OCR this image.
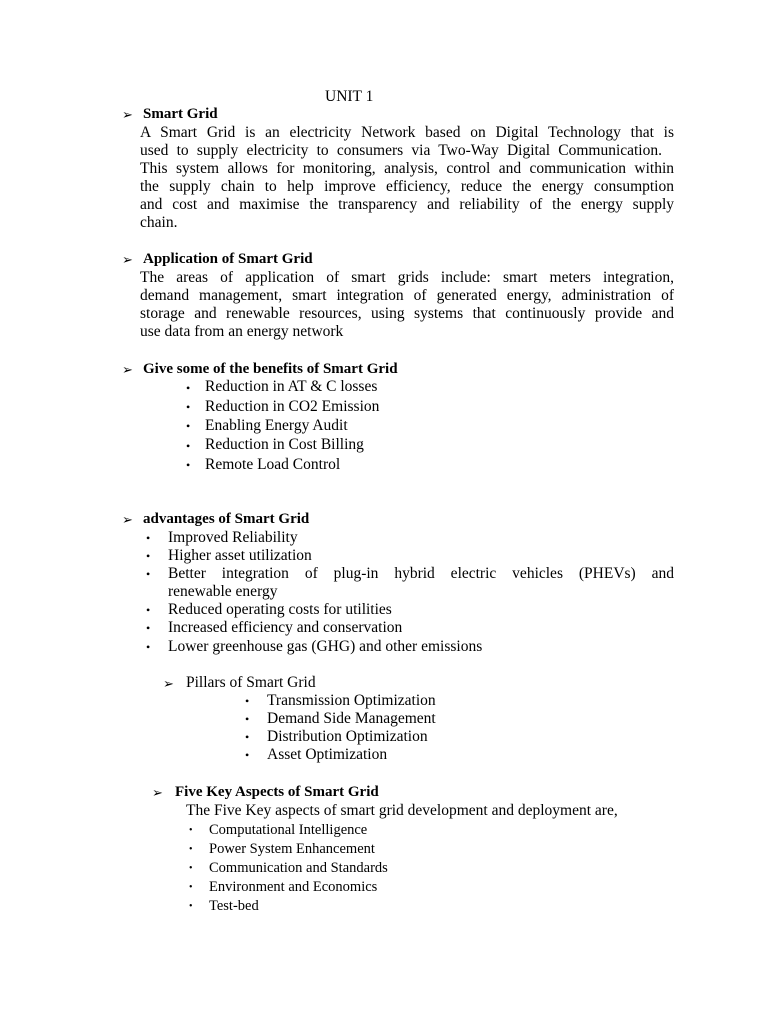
UNIT 1
➢ Smart Grid
A Smart Grid is an electricity Network based on Digital Technology that is
used to supply electricity to consumers via Two-Way Digital Communication.
This system allows for monitoring, analysis, control and communication within
the supply chain to help improve efficiency, reduce the energy consumption
and cost and maximise the transparency and reliability of the energy supply
chain.
➢ Application of Smart Grid
The areas of application of smart grids include: smart meters integration,
demand management, smart integration of generated energy, administration of
storage and renewable resources, using systems that continuously provide and
use data from an energy network
➢ Give some of the benefits of Smart Grid
• Reduction in AT & C losses
• Reduction in CO2 Emission
• Enabling Energy Audit
• Reduction in Cost Billing
• Remote Load Control
➢ advantages of Smart Grid
• Improved Reliability
• Higher asset utilization
• Better integration of plug-in hybrid electric vehicles (PHEVs) and
renewable energy
• Reduced operating costs for utilities
• Increased efficiency and conservation
• Lower greenhouse gas (GHG) and other emissions
➢ Pillars of Smart Grid
• Transmission Optimization
• Demand Side Management
• Distribution Optimization
• Asset Optimization
➢ Five Key Aspects of Smart Grid
The Five Key aspects of smart grid development and deployment are,
• Computational Intelligence
• Power System Enhancement
• Communication and Standards
• Environment and Economics
• Test-bed
